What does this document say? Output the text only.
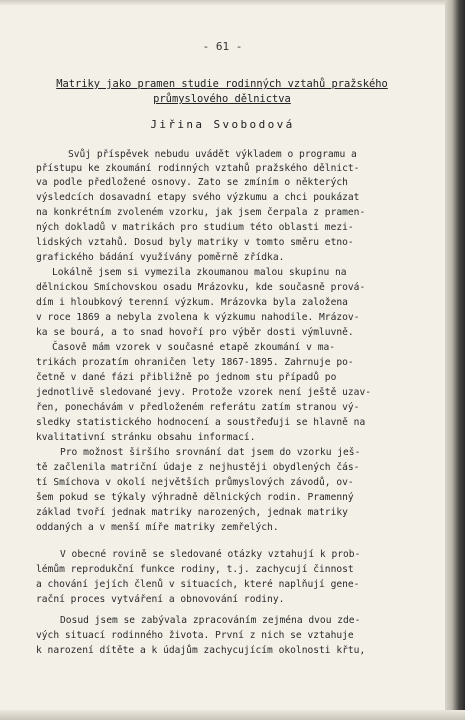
- 61 -
Matriky jako pramen studie rodinných vztahů pražského
průmyslového dělnictva
Jiřina Svobodová
Svůj příspěvek nebudu uvádět výkladem o programu a
přístupu ke zkoumání rodinných vztahů pražského dělnict-
va podle předložené osnovy. Zato se zmíním o některých
výsledcích dosavadní etapy svého výzkumu a chci poukázat
na konkrétním zvoleném vzorku, jak jsem čerpala z pramen-
ných dokladů v matrikách pro studium této oblasti mezi-
lidských vztahů. Dosud byly matriky v tomto směru etno-
grafického bádání využívány poměrně zřídka.
Lokálně jsem si vymezila zkoumanou malou skupinu na
dělnickou Smíchovskou osadu Mrázovku, kde současně prová-
dím i hloubkový terenní výzkum. Mrázovka byla založena
v roce 1869 a nebyla zvolena k výzkumu nahodile. Mrázov-
ka se bourá, a to snad hovoří pro výběr dosti výmluvně.
Časově mám vzorek v současné etapě zkoumání v ma-
trikách prozatím ohraničen lety 1867-1895. Zahrnuje po-
četně v dané fázi přibližně po jednom stu případů po
jednotlivě sledované jevy. Protože vzorek není ještě uzav-
řen, ponechávám v předloženém referátu zatím stranou vý-
sledky statistického hodnocení a soustřeďuji se hlavně na
kvalitativní stránku obsahu informací.
Pro možnost širšího srovnání dat jsem do vzorku ješ-
tě začlenila matriční údaje z nejhustěji obydlených čás-
tí Smíchova v okolí největších průmyslových závodů, ov-
šem pokud se týkaly výhradně dělnických rodin. Pramenný
základ tvoří jednak matriky narozených, jednak matriky
oddaných a v menší míře matriky zemřelých.
V obecné rovině se sledované otázky vztahují k prob-
lémům reprodukční funkce rodiny, t.j. zachycují činnost
a chování jejích členů v situacích, které naplňují gene-
rační proces vytváření a obnovování rodiny.
Dosud jsem se zabývala zpracováním zejména dvou zde-
vých situací rodinného života. První z nich se vztahuje
k narození dítěte a k údajům zachycujícím okolnosti křtu,
